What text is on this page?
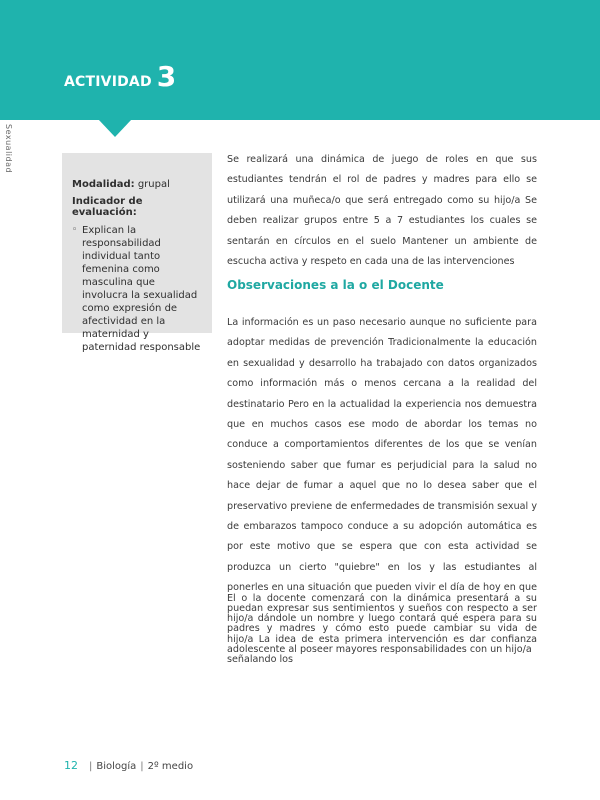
ACTIVIDAD 3
Sexualidad
Modalidad: grupal
Indicador de evaluación:
◦ Explican la responsabilidad individual tanto femenina como masculina que involucra la sexualidad como expresión de afectividad en la maternidad y paternidad responsable
Se realizará una dinámica de juego de roles en que sus estudiantes tendrán el rol de padres y madres para ello se utilizará una muñeca/o que será entregado como su hijo/a Se deben realizar grupos entre 5 a 7 estudiantes los cuales se sentarán en círculos en el suelo Mantener un ambiente de escucha activa y respeto en cada una de las intervenciones
Observaciones a la o el Docente
La información es un paso necesario aunque no suficiente para adoptar medidas de prevención Tradicionalmente la educación en sexualidad y desarrollo ha trabajado con datos organizados como información más o menos cercana a la realidad del destinatario Pero en la actualidad la experiencia nos demuestra que en muchos casos ese modo de abordar los temas no conduce a comportamientos diferentes de los que se venían sosteniendo saber que fumar es perjudicial para la salud no hace dejar de fumar a aquel que no lo desea saber que el preservativo previene de enfermedades de transmisión sexual y de embarazos tampoco conduce a su adopción automática es por este motivo que se espera que con esta actividad se produzca un cierto "quiebre" en los y las estudiantes al ponerles en una situación que pueden vivir el día de hoy en que puedan expresar sus sentimientos y sueños con respecto a ser padres y madres y cómo esto puede cambiar su vida de adolescente al poseer mayores responsabilidades con un hijo/a
El o la docente comenzará con la dinámica presentará a su hijo/a dándole un nombre y luego contará qué espera para su hijo/a La idea de esta primera intervención es dar confianza señalando los
12 | Biología | 2º medio
